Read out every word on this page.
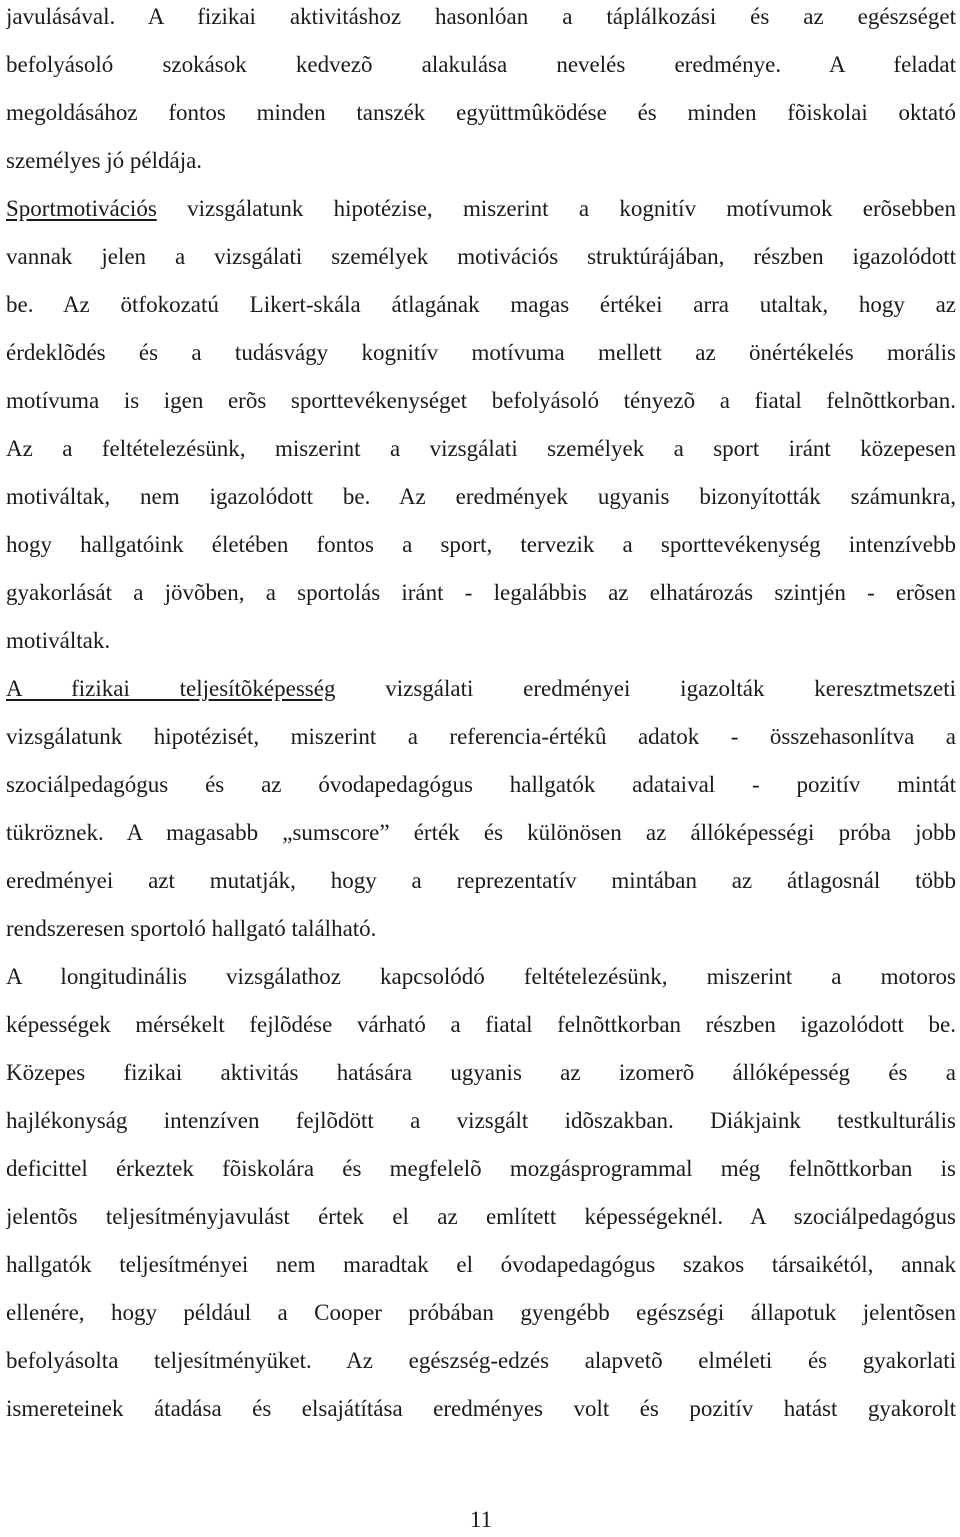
javulásával. A fizikai aktivitáshoz hasonlóan a táplálkozási és az egészséget
befolyásoló szokások kedvezõ alakulása nevelés eredménye. A feladat
megoldásához fontos minden tanszék együttmûködése és minden fõiskolai oktató
személyes jó példája.
Sportmotivációs vizsgálatunk hipotézise, miszerint a kognitív motívumok erõsebben
vannak jelen a vizsgálati személyek motivációs struktúrájában, részben igazolódott
be. Az ötfokozatú Likert-skála átlagának magas értékei arra utaltak, hogy az
érdeklõdés és a tudásvágy kognitív motívuma mellett az önértékelés morális
motívuma is igen erõs sporttevékenységet befolyásoló tényezõ a fiatal felnõttkorban.
Az a feltételezésünk, miszerint a vizsgálati személyek a sport iránt közepesen
motiváltak, nem igazolódott be. Az eredmények ugyanis bizonyították számunkra,
hogy hallgatóink életében fontos a sport, tervezik a sporttevékenység intenzívebb
gyakorlását a jövõben, a sportolás iránt - legalábbis az elhatározás szintjén - erõsen
motiváltak.
A fizikai teljesítõképesség vizsgálati eredményei igazolták keresztmetszeti
vizsgálatunk hipotézisét, miszerint a referencia-értékû adatok - összehasonlítva a
szociálpedagógus és az óvodapedagógus hallgatók adataival - pozitív mintát
tükröznek. A magasabb „sumscore” érték és különösen az állóképességi próba jobb
eredményei azt mutatják, hogy a reprezentatív mintában az átlagosnál több
rendszeresen sportoló hallgató található.
A longitudinális vizsgálathoz kapcsolódó feltételezésünk, miszerint a motoros
képességek mérsékelt fejlõdése várható a fiatal felnõttkorban részben igazolódott be.
Közepes fizikai aktivitás hatására ugyanis az izomerõ állóképesség és a
hajlékonyság intenzíven fejlõdött a vizsgált idõszakban. Diákjaink testkulturális
deficittel érkeztek fõiskolára és megfelelõ mozgásprogrammal még felnõttkorban is
jelentõs teljesítményjavulást értek el az említett képességeknél. A szociálpedagógus
hallgatók teljesítményei nem maradtak el óvodapedagógus szakos társaikétól, annak
ellenére, hogy például a Cooper próbában gyengébb egészségi állapotuk jelentõsen
befolyásolta teljesítményüket. Az egészség-edzés alapvetõ elméleti és gyakorlati
ismereteinek átadása és elsajátítása eredményes volt és pozitív hatást gyakorolt
11
